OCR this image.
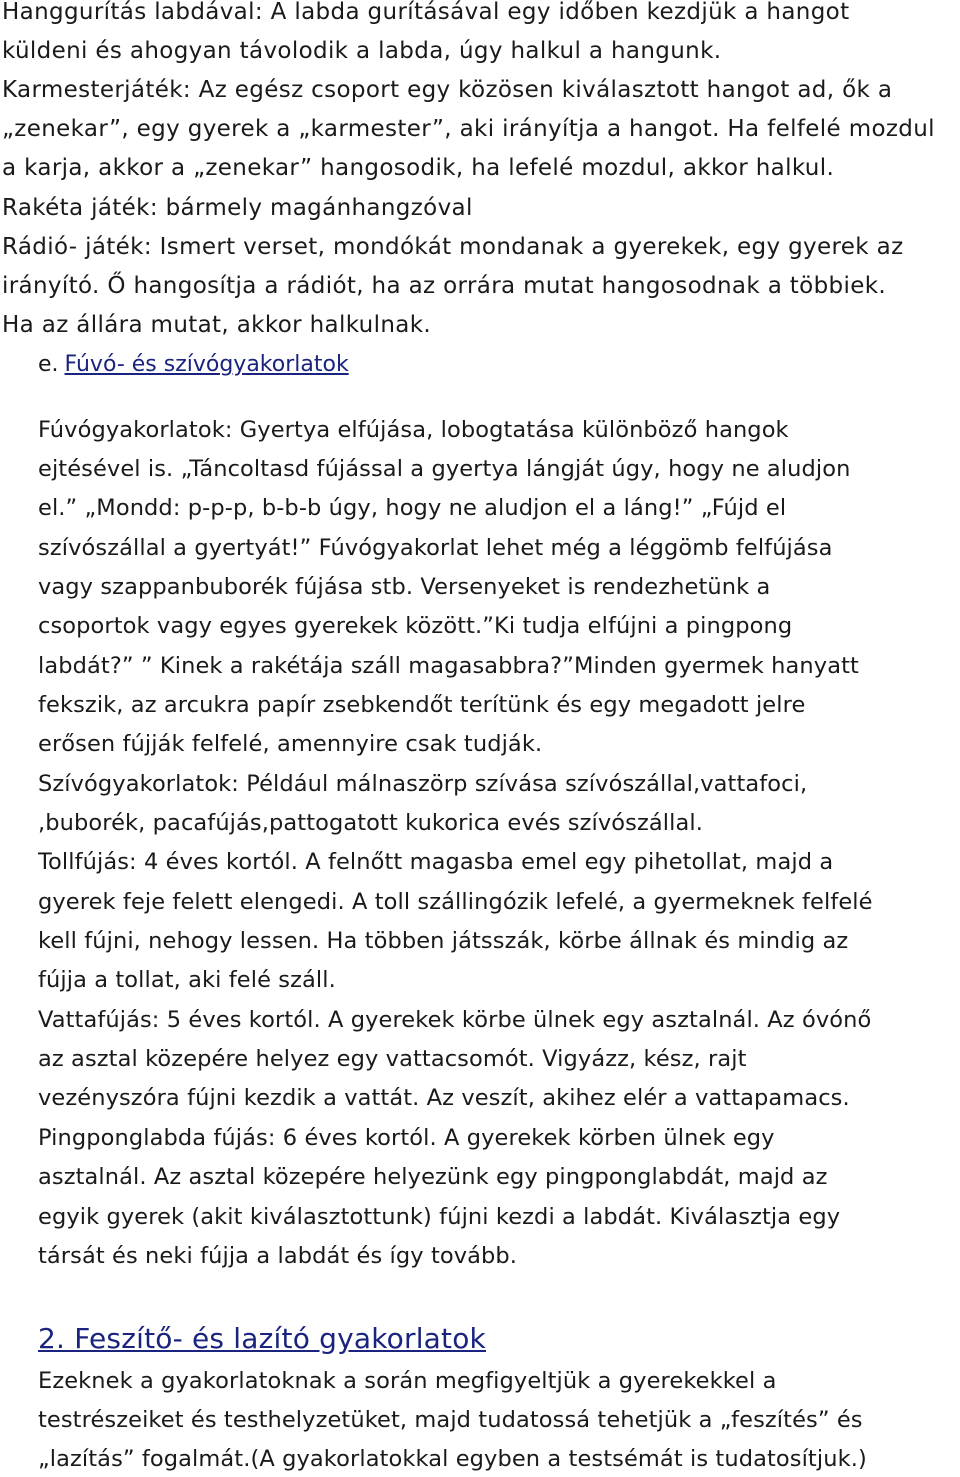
Hanggurítás labdával: A labda gurításával egy időben kezdjük a hangot
küldeni és ahogyan távolodik a labda, úgy halkul a hangunk.
Karmesterjáték: Az egész csoport egy közösen kiválasztott hangot ad, ők a
„zenekar”, egy gyerek a „karmester”, aki irányítja a hangot. Ha felfelé mozdul
a karja, akkor a „zenekar” hangosodik, ha lefelé mozdul, akkor halkul.
Rakéta játék: bármely magánhangzóval
Rádió- játék: Ismert verset, mondókát mondanak a gyerekek, egy gyerek az
irányító. Ő hangosítja a rádiót, ha az orrára mutat hangosodnak a többiek.
Ha az állára mutat, akkor halkulnak.
e. Fúvó- és szívógyakorlatok
Fúvógyakorlatok: Gyertya elfújása, lobogtatása különböző hangok
ejtésével is. „Táncoltasd fújással a gyertya lángját úgy, hogy ne aludjon
el.” „Mondd: p-p-p, b-b-b úgy, hogy ne aludjon el a láng!” „Fújd el
szívószállal a gyertyát!” Fúvógyakorlat lehet még a léggömb felfújása
vagy szappanbuborék fújása stb. Versenyeket is rendezhetünk a
csoportok vagy egyes gyerekek között.”Ki tudja elfújni a pingpong
labdát?” ” Kinek a rakétája száll magasabbra?”Minden gyermek hanyatt
fekszik, az arcukra papír zsebkendőt terítünk és egy megadott jelre
erősen fújják felfelé, amennyire csak tudják.
Szívógyakorlatok: Például málnaszörp szívása szívószállal,vattafoci,
,buborék, pacafújás,pattogatott kukorica evés szívószállal.
Tollfújás: 4 éves kortól. A felnőtt magasba emel egy pihetollat, majd a
gyerek feje felett elengedi. A toll szállingózik lefelé, a gyermeknek felfelé
kell fújni, nehogy lessen. Ha többen játsszák, körbe állnak és mindig az
fújja a tollat, aki felé száll.
Vattafújás: 5 éves kortól. A gyerekek körbe ülnek egy asztalnál. Az óvónő
az asztal közepére helyez egy vattacsomót. Vigyázz, kész, rajt
vezényszóra fújni kezdik a vattát. Az veszít, akihez elér a vattapamacs.
Pingponglabda fújás: 6 éves kortól. A gyerekek körben ülnek egy
asztalnál. Az asztal közepére helyezünk egy pingponglabdát, majd az
egyik gyerek (akit kiválasztottunk) fújni kezdi a labdát. Kiválasztja egy
társát és neki fújja a labdát és így tovább.
2. Feszítő- és lazító gyakorlatok
Ezeknek a gyakorlatoknak a során megfigyeltjük a gyerekekkel a
testrészeiket és testhelyzetüket, majd tudatossá tehetjük a „feszítés” és
„lazítás” fogalmát.(A gyakorlatokkal egyben a testsémát is tudatosítjuk.)
